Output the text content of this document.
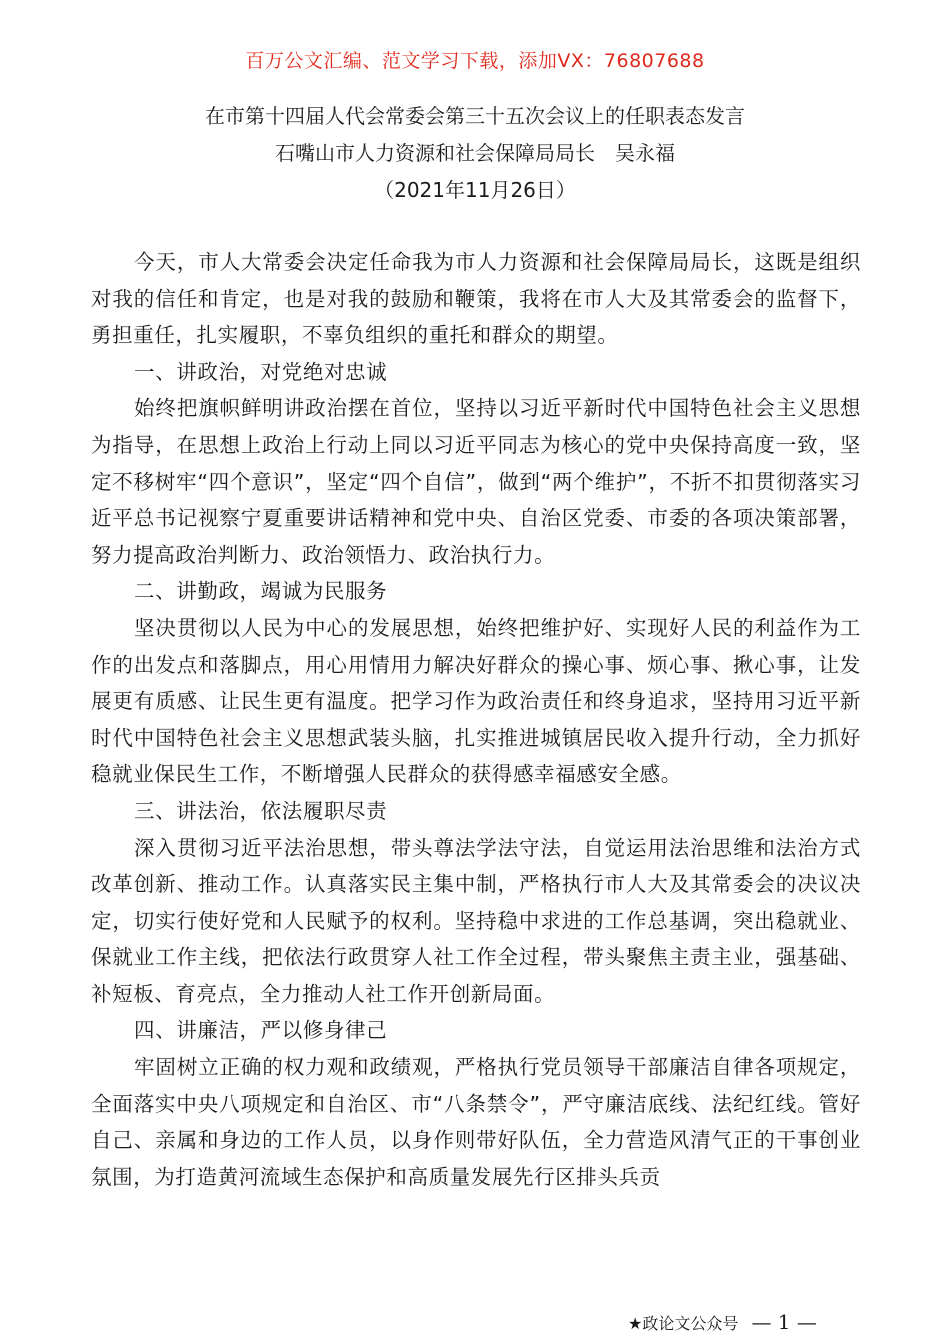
百万公文汇编、范文学习下载，添加VX：76807688
在市第十四届人代会常委会第三十五次会议上的任职表态发言
石嘴山市人力资源和社会保障局局长　吴永福
（2021年11月26日）

今天，市人大常委会决定任命我为市人力资源和社会保障局局长，这既是组织对我的信任和肯定，也是对我的鼓励和鞭策，我将在市人大及其常委会的监督下，勇担重任，扎实履职，不辜负组织的重托和群众的期望。

一、讲政治，对党绝对忠诚

始终把旗帜鲜明讲政治摆在首位，坚持以习近平新时代中国特色社会主义思想为指导，在思想上政治上行动上同以习近平同志为核心的党中央保持高度一致，坚定不移树牢“四个意识”，坚定“四个自信”，做到“两个维护”，不折不扣贯彻落实习近平总书记视察宁夏重要讲话精神和党中央、自治区党委、市委的各项决策部署，努力提高政治判断力、政治领悟力、政治执行力。

二、讲勤政，竭诚为民服务

坚决贯彻以人民为中心的发展思想，始终把维护好、实现好人民的利益作为工作的出发点和落脚点，用心用情用力解决好群众的操心事、烦心事、揪心事，让发展更有质感、让民生更有温度。把学习作为政治责任和终身追求，坚持用习近平新时代中国特色社会主义思想武装头脑，扎实推进城镇居民收入提升行动，全力抓好稳就业保民生工作，不断增强人民群众的获得感幸福感安全感。

三、讲法治，依法履职尽责

深入贯彻习近平法治思想，带头尊法学法守法，自觉运用法治思维和法治方式改革创新、推动工作。认真落实民主集中制，严格执行市人大及其常委会的决议决定，切实行使好党和人民赋予的权利。坚持稳中求进的工作总基调，突出稳就业、保就业工作主线，把依法行政贯穿人社工作全过程，带头聚焦主责主业，强基础、补短板、育亮点，全力推动人社工作开创新局面。

四、讲廉洁，严以修身律己

牢固树立正确的权力观和政绩观，严格执行党员领导干部廉洁自律各项规定，全面落实中央八项规定和自治区、市“八条禁令”，严守廉洁底线、法纪红线。管好自己、亲属和身边的工作人员，以身作则带好队伍，全力营造风清气正的干事创业氛围，为打造黄河流域生态保护和高质量发展先行区排头兵贡

★政论文公众号 — 1 —
